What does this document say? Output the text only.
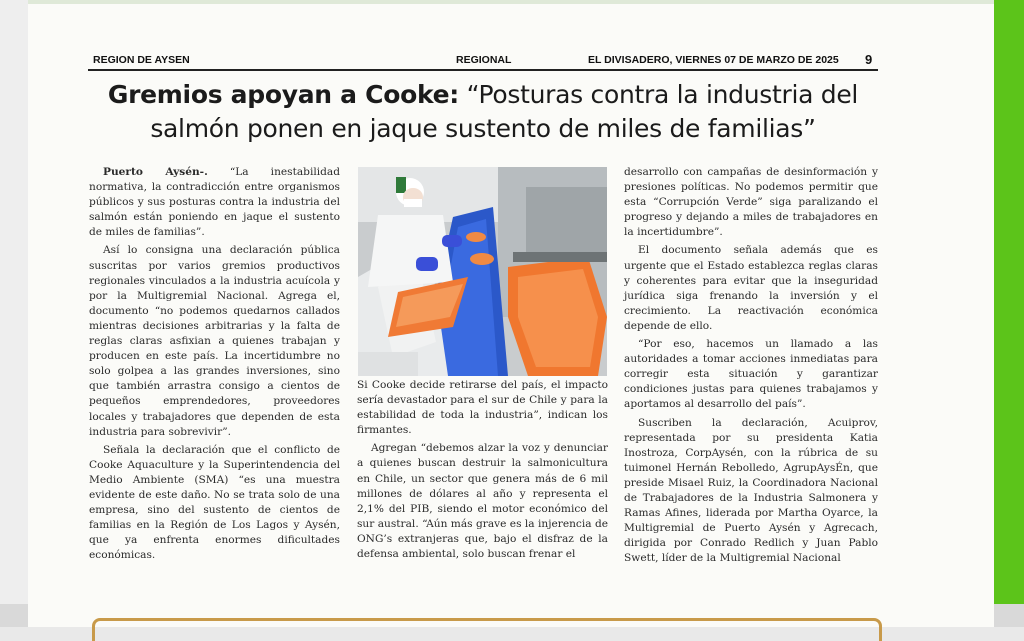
REGION DE AYSEN	REGIONAL	EL DIVISADERO, VIERNES 07 DE MARZO DE 2025 9
Gremios apoyan a Cooke: “Posturas contra la industria del salmón ponen en jaque sustento de miles de familias”

Puerto Aysén-. “La inestabilidad normativa, la contradicción entre organismos públicos y sus posturas contra la industria del salmón están poniendo en jaque el sustento de miles de familias”.

Así lo consigna una declaración pública suscritas por varios gremios productivos regionales vinculados a la industria acuícola y por la Multigremial Nacional. Agrega el, documento “no podemos quedarnos callados mientras decisiones arbitrarias y la falta de reglas claras asfixian a quienes trabajan y producen en este país. La incertidumbre no solo golpea a las grandes inversiones, sino que también arrastra consigo a cientos de pequeños emprendedores, proveedores locales y trabajadores que dependen de esta industria para sobrevivir”.

Señala la declaración que el conflicto de Cooke Aquaculture y la Superintendencia del Medio Ambiente (SMA) “es una muestra evidente de este daño. No se trata solo de una empresa, sino del sustento de cientos de familias en la Región de Los Lagos y Aysén, que ya enfrenta enormes dificultades económicas.

Si Cooke decide retirarse del país, el impacto sería devastador para el sur de Chile y para la estabilidad de toda la industria”, indican los firmantes.

Agregan “debemos alzar la voz y denunciar a quienes buscan destruir la salmonicultura en Chile, un sector que genera más de 6 mil millones de dólares al año y representa el 2,1% del PIB, siendo el motor económico del sur austral. “Aún más grave es la injerencia de ONG’s extranjeras que, bajo el disfraz de la defensa ambiental, solo buscan frenar el

desarrollo con campañas de desinformación y presiones políticas. No podemos permitir que esta “Corrupción Verde” siga paralizando el progreso y dejando a miles de trabajadores en la incertidumbre”.

El documento señala además que es urgente que el Estado establezca reglas claras y coherentes para evitar que la inseguridad jurídica siga frenando la inversión y el crecimiento. La reactivación económica depende de ello.

“Por eso, hacemos un llamado a las autoridades a tomar acciones inmediatas para corregir esta situación y garantizar condiciones justas para quienes trabajamos y aportamos al desarrollo del país”.

Suscriben la declaración, Acuiprov, representada por su presidenta Katia Inostroza, CorpAysén, con la rúbrica de su tuimonel Hernán Rebolledo, AgrupAysÉn, que preside Misael Ruiz, la Coordinadora Nacional de Trabajadores de la Industria Salmonera y Ramas Afines, liderada por Martha Oyarce, la Multigremial de Puerto Aysén y Agrecach, dirigida por Conrado Redlich y Juan Pablo Swett, líder de la Multigremial Nacional
